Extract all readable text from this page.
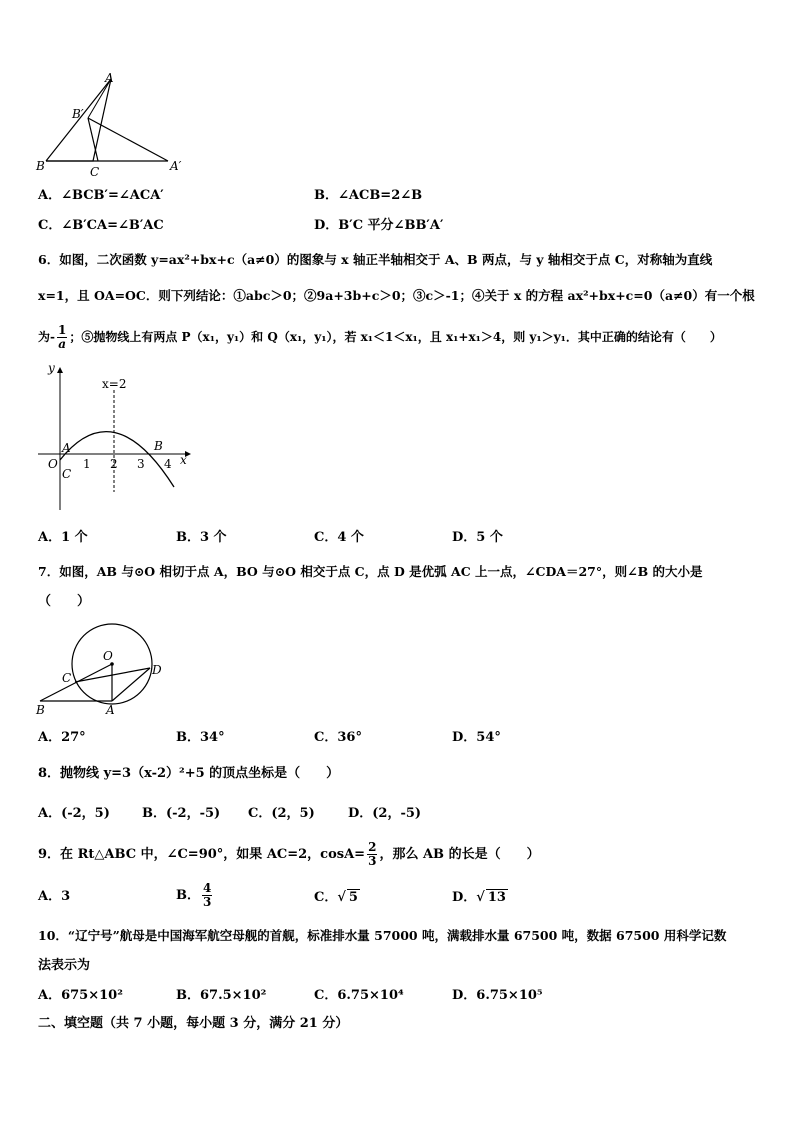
A
B′
B	C	A′
A．∠BCB′=∠ACA′	B．∠ACB=2∠B
C．∠B′CA=∠B′AC	D．B′C 平分∠BB′A′
6．如图，二次函数 y=ax²+bx+c（a≠0）的图象与 x 轴正半轴相交于 A、B 两点，与 y 轴相交于点 C，对称轴为直线
x=1，且 OA=OC．则下列结论：①abc＞0；②9a+3b+c＞0；③c＞-1；④关于 x 的方程 ax²+bx+c=0（a≠0）有一个根
为- $\frac{1}{a}$ ；⑤抛物线上有两点 P（x₁，y₁）和 Q（x₁，y₁），若 x₁＜1＜x₁，且 x₁+x₁＞4，则 y₁＞y₁．其中正确的结论有（　　）
y
x
x=2
O
A	B
C
1 2 3 4
A．1 个	B．3 个	C．4 个	D．5 个
7．如图，AB 与⊙O 相切于点 A，BO 与⊙O 相交于点 C，点 D 是优弧 AC 上一点，∠CDA＝27°，则∠B 的大小是
（　　）
O
C
D
B	A
A．27°	B．34°	C．36°	D．54°
8．抛物线 y=3（x-2）²+5 的顶点坐标是（　　）
A．(-2，5) B．(-2，-5) C．(2，5)	D．(2，-5)
9．在 Rt△ABC 中，∠C=90°，如果 AC=2，$\cos A= \frac{2}{3}$ ，那么 AB 的长是（　　）
A．3	B． $\frac{4}{3}$	C．√ 5	D．√ 13
10．“辽宁号”航母是中国海军航空母舰的首舰，标准排水量 57000 吨，满载排水量 67500 吨，数据 67500 用科学记数
法表示为
A．675×10²	B．67.5×10²	C．6.75×10⁴	D．6.75×10⁵
二、填空题（共 7 小题，每小题 3 分，满分 21 分）
